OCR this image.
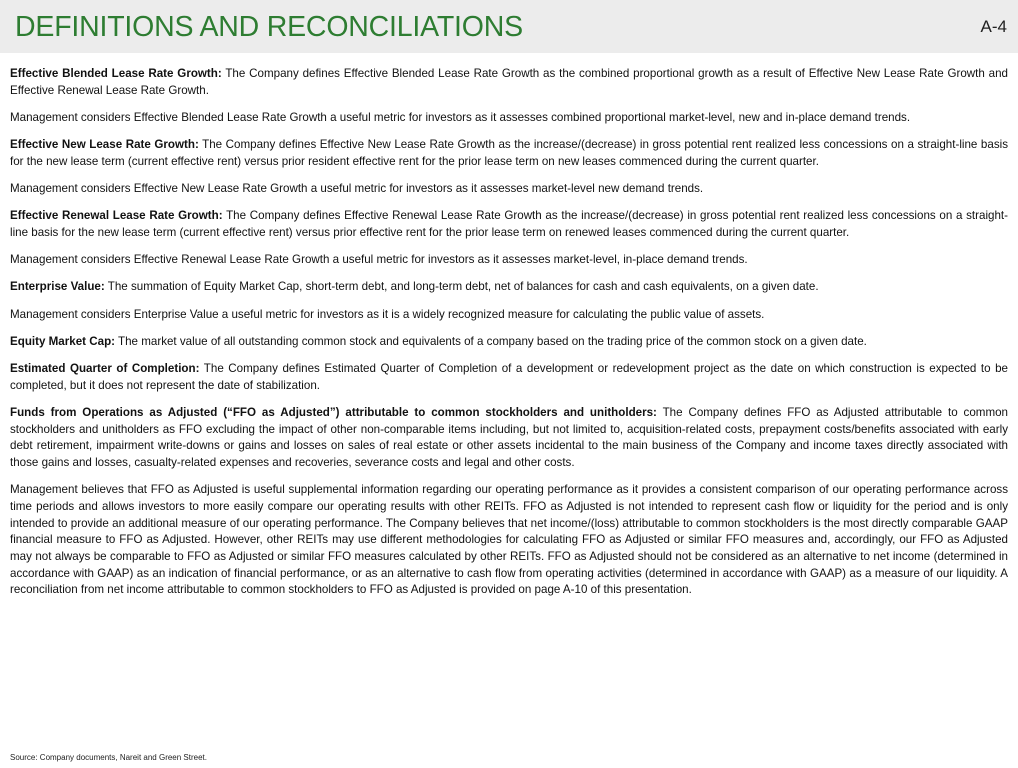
DEFINITIONS AND RECONCILIATIONS	A-4

Effective Blended Lease Rate Growth: The Company defines Effective Blended Lease Rate Growth as the combined proportional growth as a result of Effective New Lease Rate Growth and Effective Renewal Lease Rate Growth.

Management considers Effective Blended Lease Rate Growth a useful metric for investors as it assesses combined proportional market-level, new and in-place demand trends.

Effective New Lease Rate Growth: The Company defines Effective New Lease Rate Growth as the increase/(decrease) in gross potential rent realized less concessions on a straight-line basis for the new lease term (current effective rent) versus prior resident effective rent for the prior lease term on new leases commenced during the current quarter.

Management considers Effective New Lease Rate Growth a useful metric for investors as it assesses market-level new demand trends.

Effective Renewal Lease Rate Growth: The Company defines Effective Renewal Lease Rate Growth as the increase/(decrease) in gross potential rent realized less concessions on a straight-line basis for the new lease term (current effective rent) versus prior effective rent for the prior lease term on renewed leases commenced during the current quarter.

Management considers Effective Renewal Lease Rate Growth a useful metric for investors as it assesses market-level, in-place demand trends.

Enterprise Value: The summation of Equity Market Cap, short-term debt, and long-term debt, net of balances for cash and cash equivalents, on a given date.

Management considers Enterprise Value a useful metric for investors as it is a widely recognized measure for calculating the public value of assets.

Equity Market Cap: The market value of all outstanding common stock and equivalents of a company based on the trading price of the common stock on a given date.

Estimated Quarter of Completion: The Company defines Estimated Quarter of Completion of a development or redevelopment project as the date on which construction is expected to be completed, but it does not represent the date of stabilization.

Funds from Operations as Adjusted (“FFO as Adjusted”) attributable to common stockholders and unitholders: The Company defines FFO as Adjusted attributable to common stockholders and unitholders as FFO excluding the impact of other non-comparable items including, but not limited to, acquisition-related costs, prepayment costs/benefits associated with early debt retirement, impairment write-downs or gains and losses on sales of real estate or other assets incidental to the main business of the Company and income taxes directly associated with those gains and losses, casualty-related expenses and recoveries, severance costs and legal and other costs.

Management believes that FFO as Adjusted is useful supplemental information regarding our operating performance as it provides a consistent comparison of our operating performance across time periods and allows investors to more easily compare our operating results with other REITs. FFO as Adjusted is not intended to represent cash flow or liquidity for the period and is only intended to provide an additional measure of our operating performance. The Company believes that net income/(loss) attributable to common stockholders is the most directly comparable GAAP financial measure to FFO as Adjusted. However, other REITs may use different methodologies for calculating FFO as Adjusted or similar FFO measures and, accordingly, our FFO as Adjusted may not always be comparable to FFO as Adjusted or similar FFO measures calculated by other REITs. FFO as Adjusted should not be considered as an alternative to net income (determined in accordance with GAAP) as an indication of financial performance, or as an alternative to cash flow from operating activities (determined in accordance with GAAP) as a measure of our liquidity. A reconciliation from net income attributable to common stockholders to FFO as Adjusted is provided on page A-10 of this presentation.

Source: Company documents, Nareit and Green Street.
